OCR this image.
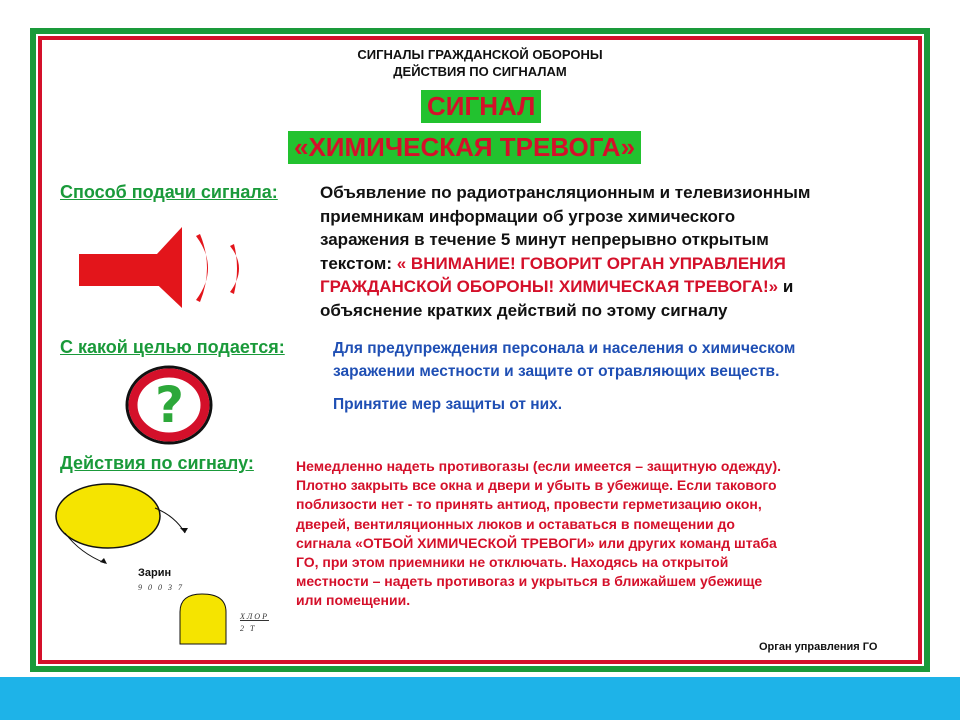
СИГНАЛЫ ГРАЖДАНСКОЙ ОБОРОНЫ
ДЕЙСТВИЯ ПО СИГНАЛАМ
СИГНАЛ
«ХИМИЧЕСКАЯ ТРЕВОГА»
Способ подачи сигнала: Объявление по радиотрансляционным и телевизионным
приемникам информации об угрозе химического
заражения в течение 5 минут непрерывно открытым
текстом: « ВНИМАНИЕ! ГОВОРИТ ОРГАН УПРАВЛЕНИЯ
ГРАЖДАНСКОЙ ОБОРОНЫ! ХИМИЧЕСКАЯ ТРЕВОГА!» и
объяснение кратких действий по этому сигналу
С какой целью подается:	Для предупреждения персонала и населения о химическом
заражении местности и защите от отравляющих веществ.
Принятие мер защиты от них.
?
Действия по сигналу:	Немедленно надеть противогазы (если имеется – защитную одежду).
Плотно закрыть все окна и двери и убыть в убежище. Если такового
поблизости нет - то принять антиод, провести герметизацию окон,
дверей, вентиляционных люков и оставаться в помещении до
сигнала «ОТБОЙ ХИМИЧЕСКОЙ ТРЕВОГИ» или других команд штаба
ГО, при этом приемники не отключать. Находясь на открытой
местности – надеть противогаз и укрыться в ближайшем убежище
или помещении.
Зарин
9 0 0 3 7
ХЛОР
2 Т
Орган управления ГО
